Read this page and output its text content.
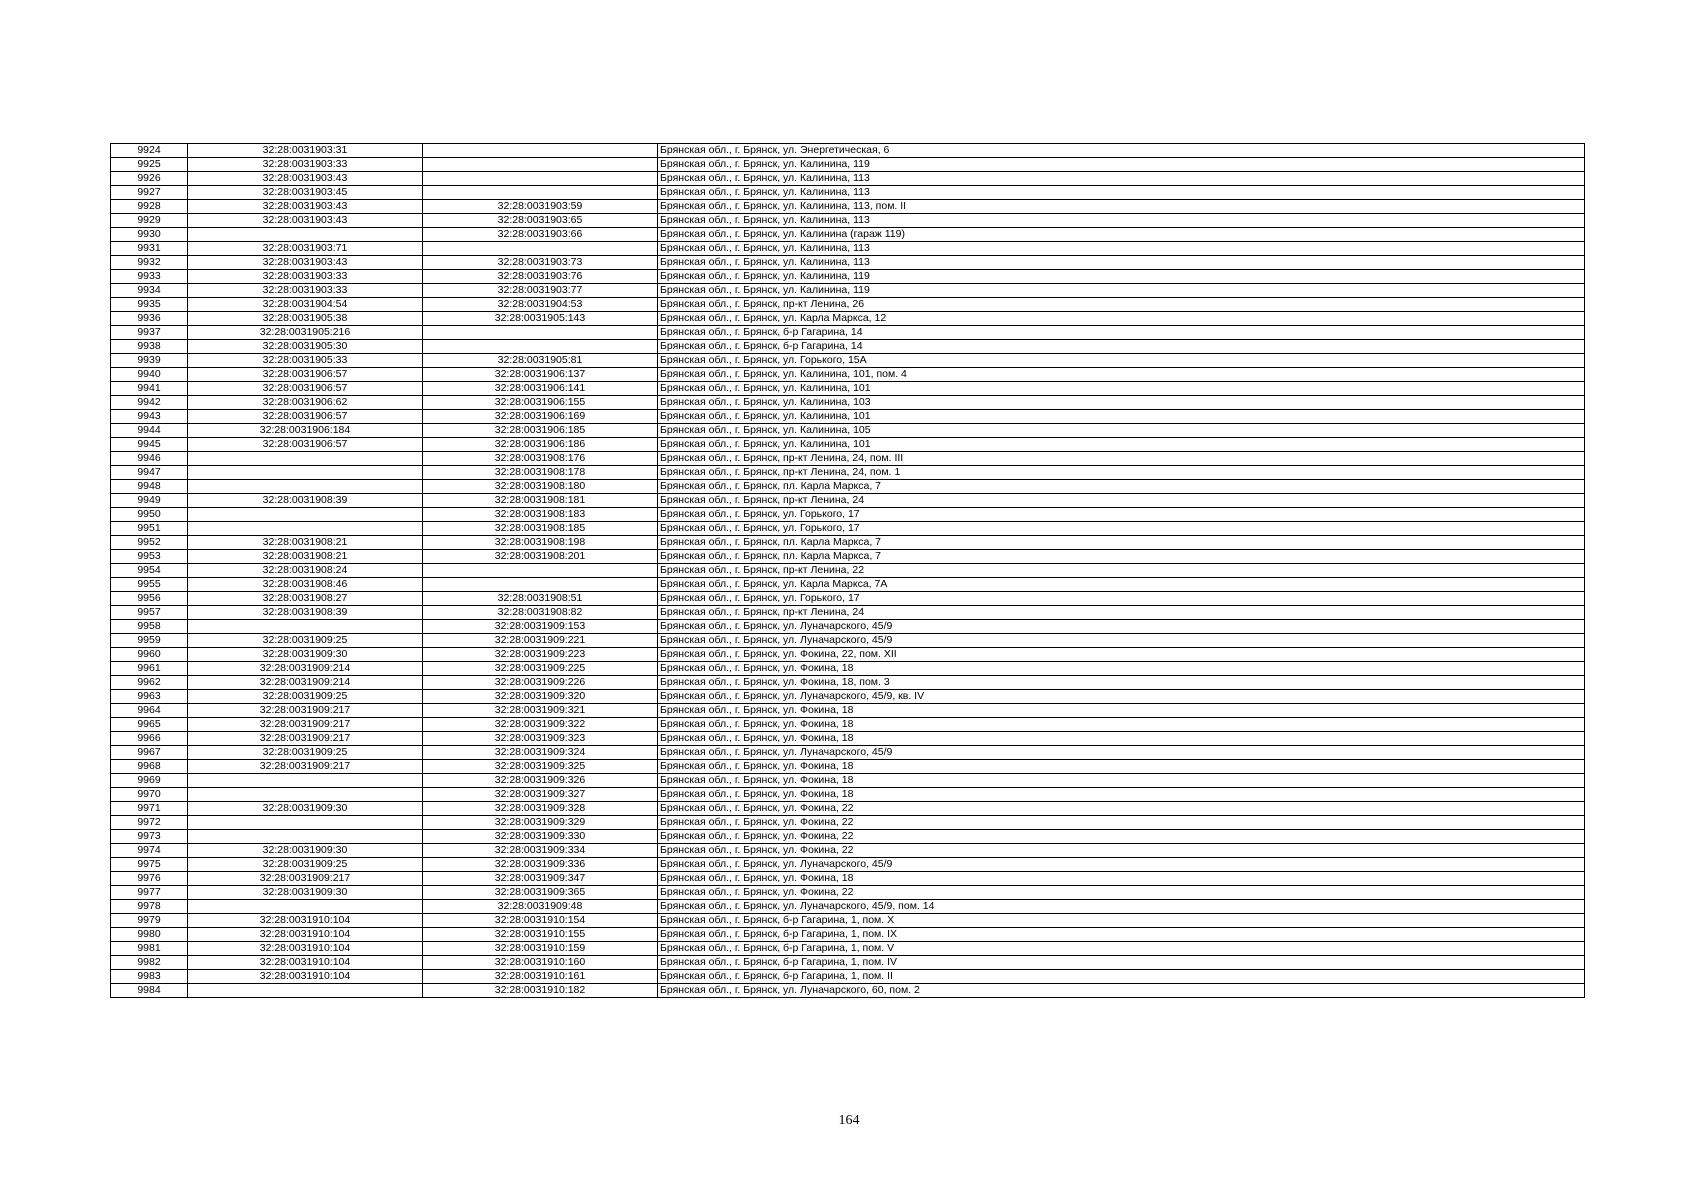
9924	32:28:0031903:31		Брянская обл., г. Брянск, ул. Энергетическая, 6
9925	32:28:0031903:33		Брянская обл., г. Брянск, ул. Калинина, 119
9926	32:28:0031903:43		Брянская обл., г. Брянск, ул. Калинина, 113
9927	32:28:0031903:45		Брянская обл., г. Брянск, ул. Калинина, 113
9928	32:28:0031903:43	32:28:0031903:59	Брянская обл., г. Брянск, ул. Калинина, 113, пом. II
9929	32:28:0031903:43	32:28:0031903:65	Брянская обл., г. Брянск, ул. Калинина, 113
9930		32:28:0031903:66	Брянская обл., г. Брянск, ул. Калинина (гараж 119)
9931	32:28:0031903:71		Брянская обл., г. Брянск, ул. Калинина, 113
9932	32:28:0031903:43	32:28:0031903:73	Брянская обл., г. Брянск, ул. Калинина, 113
9933	32:28:0031903:33	32:28:0031903:76	Брянская обл., г. Брянск, ул. Калинина, 119
9934	32:28:0031903:33	32:28:0031903:77	Брянская обл., г. Брянск, ул. Калинина, 119
9935	32:28:0031904:54	32:28:0031904:53	Брянская обл., г. Брянск, пр-кт Ленина, 26
9936	32:28:0031905:38	32:28:0031905:143	Брянская обл., г. Брянск, ул. Карла Маркса, 12
9937	32:28:0031905:216		Брянская обл., г. Брянск, б-р Гагарина, 14
9938	32:28:0031905:30		Брянская обл., г. Брянск, б-р Гагарина, 14
9939	32:28:0031905:33	32:28:0031905:81	Брянская обл., г. Брянск, ул. Горького, 15А
9940	32:28:0031906:57	32:28:0031906:137	Брянская обл., г. Брянск, ул. Калинина, 101, пом. 4
9941	32:28:0031906:57	32:28:0031906:141	Брянская обл., г. Брянск, ул. Калинина, 101
9942	32:28:0031906:62	32:28:0031906:155	Брянская обл., г. Брянск, ул. Калинина, 103
9943	32:28:0031906:57	32:28:0031906:169	Брянская обл., г. Брянск, ул. Калинина, 101
9944	32:28:0031906:184	32:28:0031906:185	Брянская обл., г. Брянск, ул. Калинина, 105
9945	32:28:0031906:57	32:28:0031906:186	Брянская обл., г. Брянск, ул. Калинина, 101
9946		32:28:0031908:176	Брянская обл., г. Брянск, пр-кт Ленина, 24, пом. III
9947		32:28:0031908:178	Брянская обл., г. Брянск, пр-кт Ленина, 24, пом. 1
9948		32:28:0031908:180	Брянская обл., г. Брянск, пл. Карла Маркса, 7
9949	32:28:0031908:39	32:28:0031908:181	Брянская обл., г. Брянск, пр-кт Ленина, 24
9950		32:28:0031908:183	Брянская обл., г. Брянск, ул. Горького, 17
9951		32:28:0031908:185	Брянская обл., г. Брянск, ул. Горького, 17
9952	32:28:0031908:21	32:28:0031908:198	Брянская обл., г. Брянск, пл. Карла Маркса, 7
9953	32:28:0031908:21	32:28:0031908:201	Брянская обл., г. Брянск, пл. Карла Маркса, 7
9954	32:28:0031908:24		Брянская обл., г. Брянск, пр-кт Ленина, 22
9955	32:28:0031908:46		Брянская обл., г. Брянск, ул. Карла Маркса, 7А
9956	32:28:0031908:27	32:28:0031908:51	Брянская обл., г. Брянск, ул. Горького, 17
9957	32:28:0031908:39	32:28:0031908:82	Брянская обл., г. Брянск, пр-кт Ленина, 24
9958		32:28:0031909:153	Брянская обл., г. Брянск, ул. Луначарского, 45/9
9959	32:28:0031909:25	32:28:0031909:221	Брянская обл., г. Брянск, ул. Луначарского, 45/9
9960	32:28:0031909:30	32:28:0031909:223	Брянская обл., г. Брянск, ул. Фокина, 22, пом. XII
9961	32:28:0031909:214	32:28:0031909:225	Брянская обл., г. Брянск, ул. Фокина, 18
9962	32:28:0031909:214	32:28:0031909:226	Брянская обл., г. Брянск, ул. Фокина, 18, пом. 3
9963	32:28:0031909:25	32:28:0031909:320	Брянская обл., г. Брянск, ул. Луначарского, 45/9, кв. IV
9964	32:28:0031909:217	32:28:0031909:321	Брянская обл., г. Брянск, ул. Фокина, 18
9965	32:28:0031909:217	32:28:0031909:322	Брянская обл., г. Брянск, ул. Фокина, 18
9966	32:28:0031909:217	32:28:0031909:323	Брянская обл., г. Брянск, ул. Фокина, 18
9967	32:28:0031909:25	32:28:0031909:324	Брянская обл., г. Брянск, ул. Луначарского, 45/9
9968	32:28:0031909:217	32:28:0031909:325	Брянская обл., г. Брянск, ул. Фокина, 18
9969		32:28:0031909:326	Брянская обл., г. Брянск, ул. Фокина, 18
9970		32:28:0031909:327	Брянская обл., г. Брянск, ул. Фокина, 18
9971	32:28:0031909:30	32:28:0031909:328	Брянская обл., г. Брянск, ул. Фокина, 22
9972		32:28:0031909:329	Брянская обл., г. Брянск, ул. Фокина, 22
9973		32:28:0031909:330	Брянская обл., г. Брянск, ул. Фокина, 22
9974	32:28:0031909:30	32:28:0031909:334	Брянская обл., г. Брянск, ул. Фокина, 22
9975	32:28:0031909:25	32:28:0031909:336	Брянская обл., г. Брянск, ул. Луначарского, 45/9
9976	32:28:0031909:217	32:28:0031909:347	Брянская обл., г. Брянск, ул. Фокина, 18
9977	32:28:0031909:30	32:28:0031909:365	Брянская обл., г. Брянск, ул. Фокина, 22
9978		32:28:0031909:48	Брянская обл., г. Брянск, ул. Луначарского, 45/9, пом. 14
9979	32:28:0031910:104	32:28:0031910:154	Брянская обл., г. Брянск, б-р Гагарина, 1, пом. X
9980	32:28:0031910:104	32:28:0031910:155	Брянская обл., г. Брянск, б-р Гагарина, 1, пом. IX
9981	32:28:0031910:104	32:28:0031910:159	Брянская обл., г. Брянск, б-р Гагарина, 1, пом. V
9982	32:28:0031910:104	32:28:0031910:160	Брянская обл., г. Брянск, б-р Гагарина, 1, пом. IV
9983	32:28:0031910:104	32:28:0031910:161	Брянская обл., г. Брянск, б-р Гагарина, 1, пом. II
9984		32:28:0031910:182	Брянская обл., г. Брянск, ул. Луначарского, 60, пом. 2
164
